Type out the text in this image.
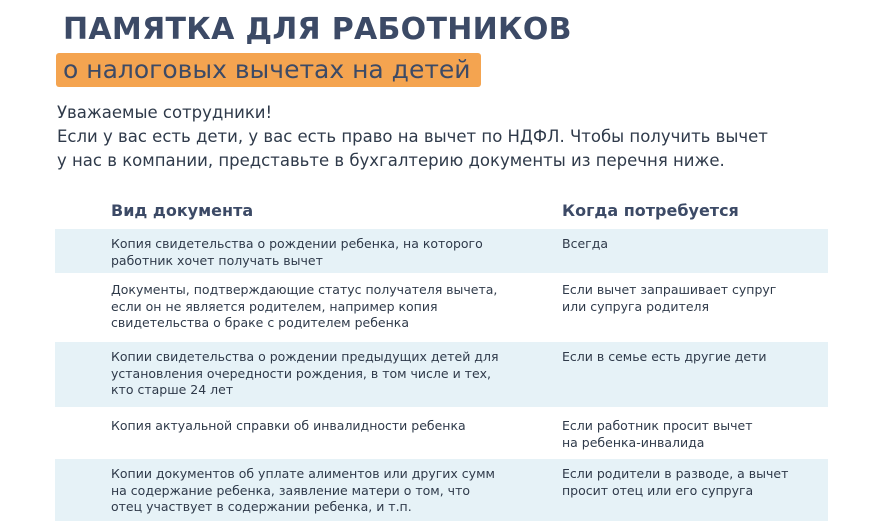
ПАМЯТКА ДЛЯ РАБОТНИКОВ
о налоговых вычетах на детей
Уважаемые сотрудники!
Если у вас есть дети, у вас есть право на вычет по НДФЛ. Чтобы получить вычет
у нас в компании, представьте в бухгалтерию документы из перечня ниже.
Вид документа	Когда потребуется
Копия свидетельства о рождении ребенка, на которого
работник хочет получать вычет
Всегда
Документы, подтверждающие статус получателя вычета,
если он не является родителем, например копия
свидетельства о браке с родителем ребенка
Если вычет запрашивает супруг
или супруга родителя
Копии свидетельства о рождении предыдущих детей для
установления очередности рождения, в том числе и тех,
кто старше 24 лет
Если в семье есть другие дети
Копия актуальной справки об инвалидности ребенка	Если работник просит вычет
на ребенка-инвалида
Копии документов об уплате алиментов или других сумм
на содержание ребенка, заявление матери о том, что
отец участвует в содержании ребенка, и т.п.
Если родители в разводе, а вычет
просит отец или его супруга
